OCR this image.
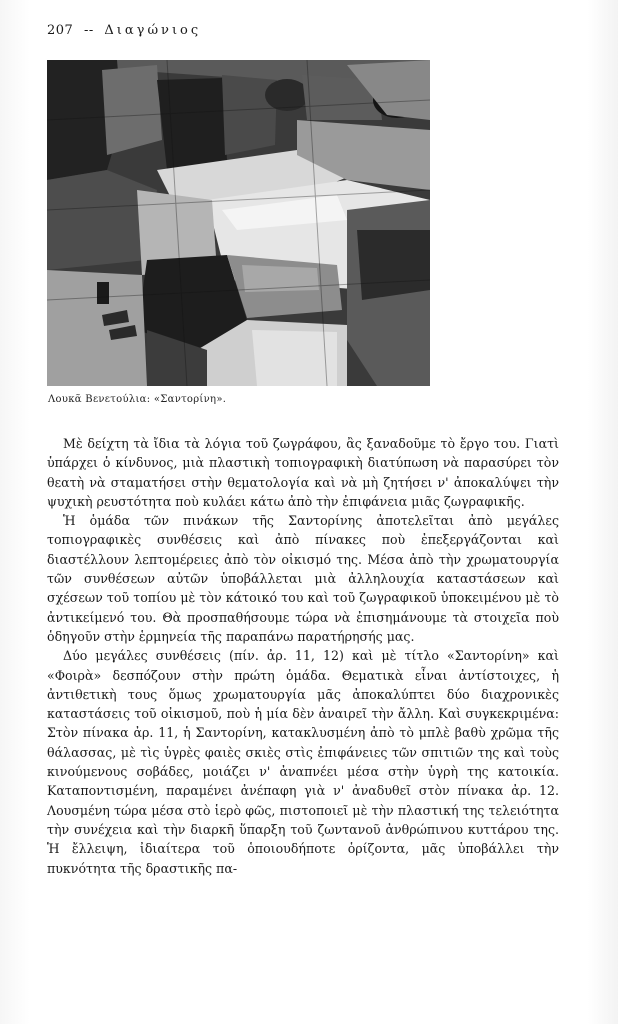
207 -- Διαγώνιος
Λουκᾶ Βενετούλια: «Σαντορίνη».

Μὲ δείχτη τὰ ἴδια τὰ λόγια τοῦ ζωγράφου, ἂς ξαναδοῦμε τὸ ἔργο του. Γιατὶ ὑπάρχει ὁ κίνδυνος, μιὰ πλαστικὴ τοπιογραφικὴ διατύπωση νὰ παρασύρει τὸν θεατὴ νὰ σταματήσει στὴν θεματολογία καὶ νὰ μὴ ζητήσει ν' ἀποκαλύψει τὴν ψυχικὴ ρευστότητα ποὺ κυλάει κάτω ἀπὸ τὴν ἐπιφάνεια μιᾶς ζωγραφικῆς.

Ἡ ὁμάδα τῶν πινάκων τῆς Σαντορίνης ἀποτελεῖται ἀπὸ μεγάλες τοπιογραφικὲς συνθέσεις καὶ ἀπὸ πίνακες ποὺ ἐπεξεργάζονται καὶ διαστέλλουν λεπτομέρειες ἀπὸ τὸν οἰκισμό της. Μέσα ἀπὸ τὴν χρωματουργία τῶν συνθέσεων αὐτῶν ὑποβάλλεται μιὰ ἀλληλουχία καταστάσεων καὶ σχέσεων τοῦ τοπίου μὲ τὸν κάτοικό του καὶ τοῦ ζωγραφικοῦ ὑποκειμένου μὲ τὸ ἀντικείμενό του. Θὰ προσπαθήσουμε τώρα νὰ ἐπισημάνουμε τὰ στοιχεῖα ποὺ ὁδηγοῦν στὴν ἑρμηνεία τῆς παραπάνω παρατήρησής μας.

Δύο μεγάλες συνθέσεις (πίν. ἀρ. 11, 12) καὶ μὲ τίτλο «Σαντορίνη» καὶ «Φοιρὰ» δεσπόζουν στὴν πρώτη ὁμάδα. Θεματικὰ εἶναι ἀντίστοιχες, ἡ ἀντιθετικὴ τους ὅμως χρωματουργία μᾶς ἀποκαλύπτει δύο διαχρονικὲς καταστάσεις τοῦ οἰκισμοῦ, ποὺ ἡ μία δὲν ἀναιρεῖ τὴν ἄλλη. Καὶ συγκεκριμένα: Στὸν πίνακα ἀρ. 11, ἡ Σαντορίνη, κατακλυσμένη ἀπὸ τὸ μπλὲ βαθὺ χρῶμα τῆς θάλασσας, μὲ τὶς ὑγρὲς φαιὲς σκιὲς στὶς ἐπιφάνειες τῶν σπιτιῶν της καὶ τοὺς κινούμενους σοβάδες, μοιάζει ν' ἀναπνέει μέσα στὴν ὑγρὴ της κατοικία. Καταποντισμένη, παραμένει ἀνέπαφη γιὰ ν' ἀναδυθεῖ στὸν πίνακα ἀρ. 12. Λουσμένη τώρα μέσα στὸ ἱερὸ φῶς, πιστοποιεῖ μὲ τὴν πλαστική της τελειότητα τὴν συνέχεια καὶ τὴν διαρκῆ ὕπαρξη τοῦ ζωντανοῦ ἀνθρώπινου κυττάρου της. Ἡ ἔλλειψη, ἰδιαίτερα τοῦ ὁποιουδήποτε ὁρίζοντα, μᾶς ὑποβάλλει τὴν πυκνότητα τῆς δραστικῆς πα-
